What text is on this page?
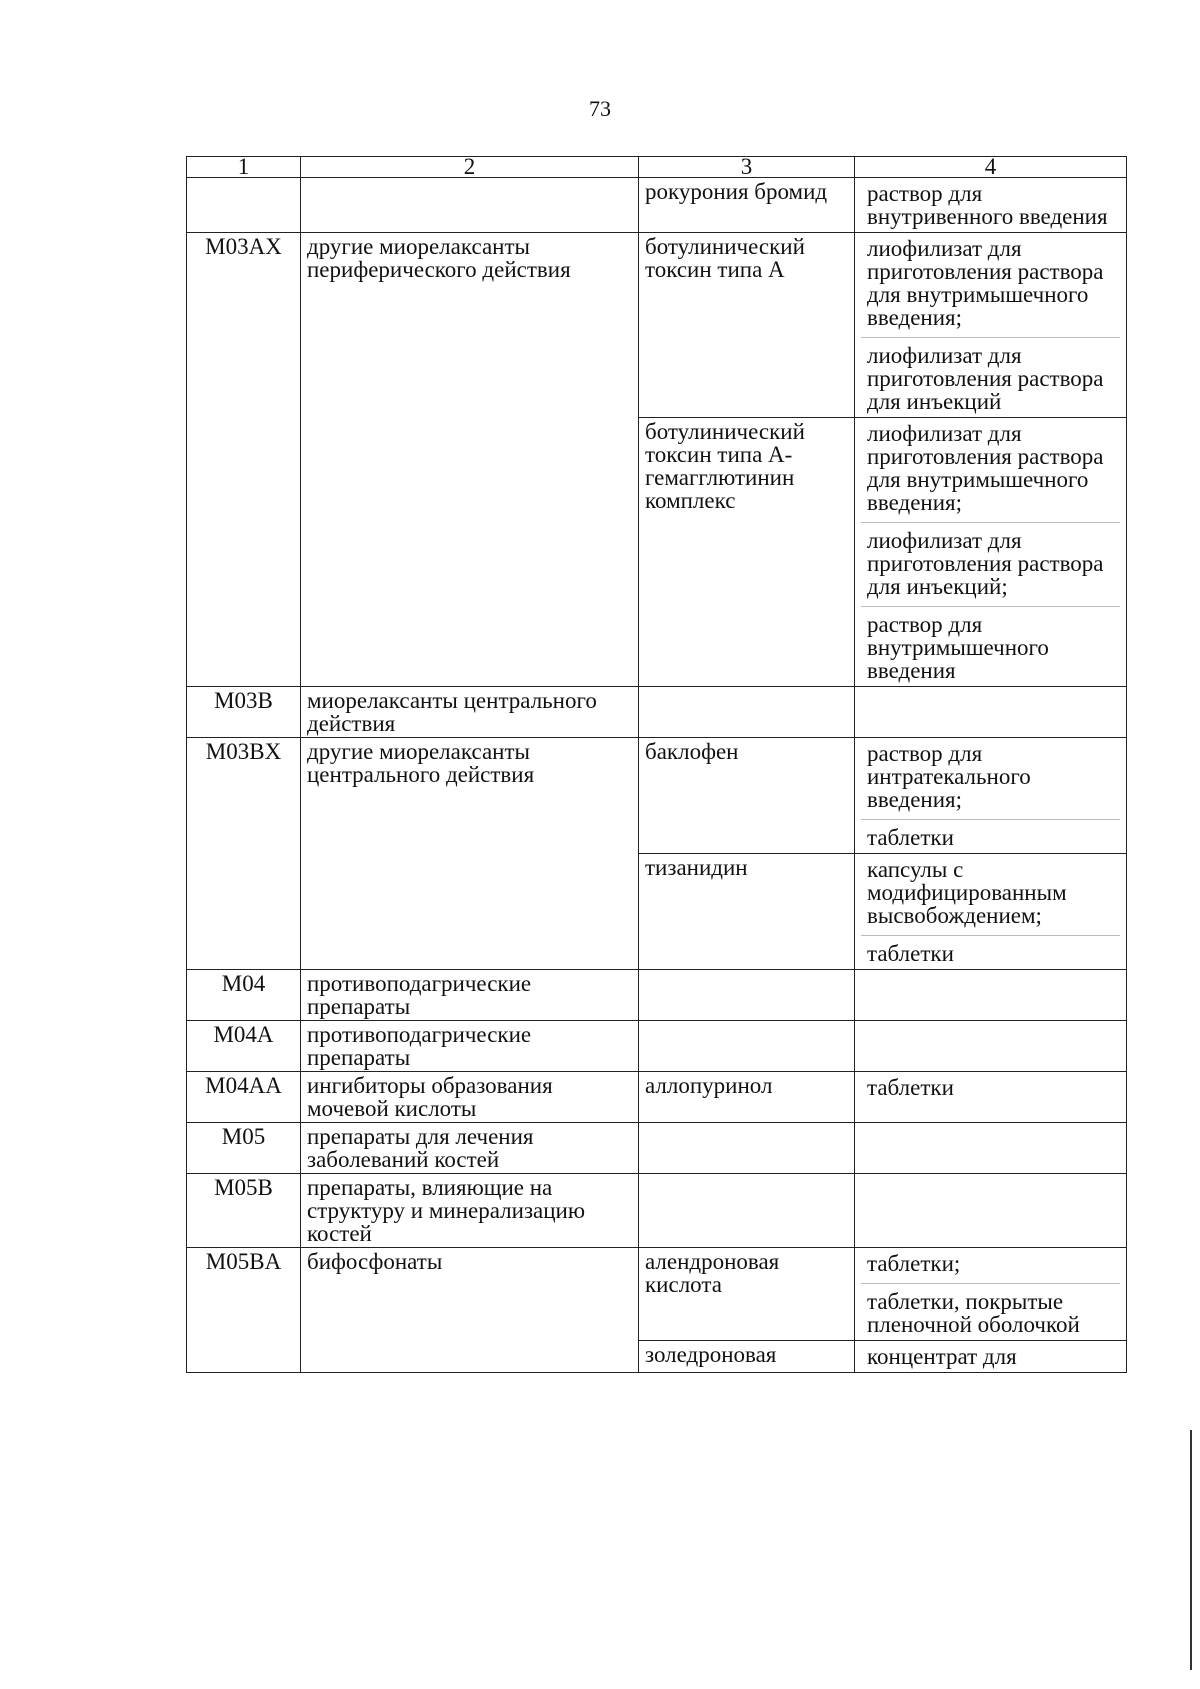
73
1	2	3	4
		рокурония бромид	раствор для внутривенного введения

M03AX	другие миорелаксанты периферического действия	ботулинический токсин типа A	лиофилизат для приготовления раствора для внутримышечного введения;
лиофилизат для приготовления раствора для инъекций

		ботулинический токсин типа А-гемагглютинин комплекс	лиофилизат для приготовления раствора для внутримышечного введения;
лиофилизат для приготовления раствора для инъекций;
раствор для внутримышечного введения

M03B	миорелаксанты центрального действия		
M03BX	другие миорелаксанты центрального действия	баклофен	раствор для интратекального введения;
таблетки

		тизанидин	капсулы с модифицированным высвобождением;
таблетки

M04	противоподагрические препараты		
M04A	противоподагрические препараты		
M04AA	ингибиторы образования мочевой кислоты	аллопуринол	таблетки

M05	препараты для лечения заболеваний костей		
M05B	препараты, влияющие на структуру и минерализацию костей		
M05BA	бифосфонаты	алендроновая кислота	таблетки;
таблетки, покрытые пленочной оболочкой

		золедроновая	концентрат для
